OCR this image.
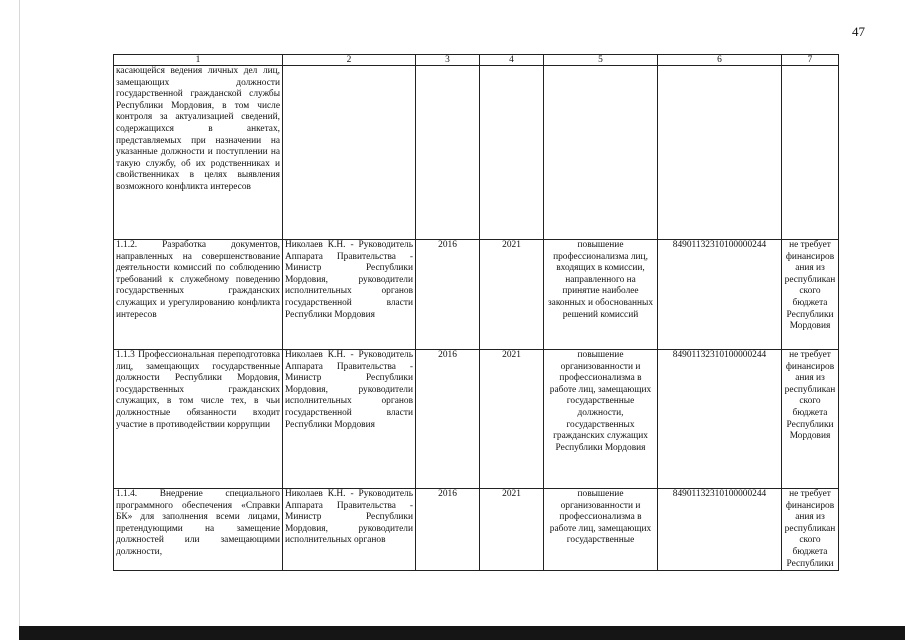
47
1	2	3	4	5	6	7
касающейся ведения личных дел лиц, замещающих должности государственной гражданской службы Республики Мордовия, в том числе контроля за актуализацией сведений, содержащихся в анкетах, представляемых при назначении на указанные должности и поступлении на такую службу, об их родственниках и свойственниках в целях выявления возможного конфликта интересов						
1.1.2. Разработка документов, направленных на совершенствование деятельности комиссий по соблюдению требований к служебному поведению государственных гражданских служащих и урегулированию конфликта интересов	Николаев К.Н. - Руководитель Аппарата Правительства - Министр Республики Мордовия, руководители исполнительных органов государственной власти Республики Мордовия	2016	2021	повышение профессионализма лиц, входящих в комиссии, направленного на принятие наиболее законных и обоснованных решений комиссий	84901132310100000244	не требует финансирования из республиканского бюджета Республики Мордовия
1.1.3 Профессиональная переподготовка лиц, замещающих государственные должности Республики Мордовия, государственных гражданских служащих, в том числе тех, в чьи должностные обязанности входит участие в противодействии коррупции	Николаев К.Н. - Руководитель Аппарата Правительства - Министр Республики Мордовия, руководители исполнительных органов государственной власти Республики Мордовия	2016	2021	повышение организованности и профессионализма в работе лиц, замещающих государственные должности, государственных гражданских служащих Республики Мордовия	84901132310100000244	не требует финансирования из республиканского бюджета Республики Мордовия
1.1.4. Внедрение специального программного обеспечения «Справки БК» для заполнения всеми лицами, претендующими на замещение должностей или замещающими должности,	Николаев К.Н. - Руководитель Аппарата Правительства - Министр Республики Мордовия, руководители исполнительных органов	2016	2021	повышение организованности и профессионализма в работе лиц, замещающих государственные	84901132310100000244	не требует финансирования из республиканского бюджета Республики
